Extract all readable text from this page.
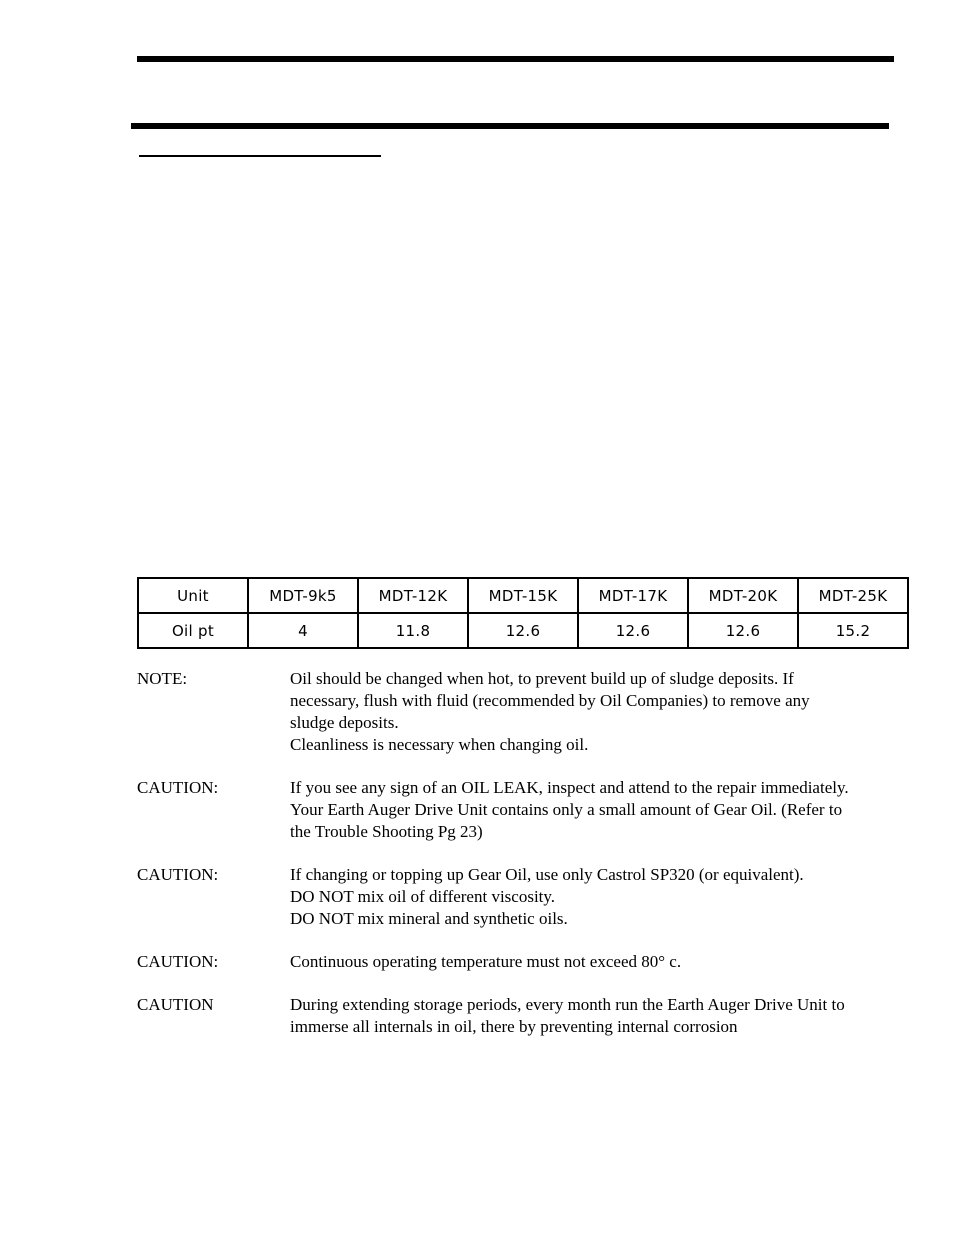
Unit	MDT-9k5	MDT-12K	MDT-15K	MDT-17K	MDT-20K	MDT-25K
Oil pt	4	11.8	12.6	12.6	12.6	15.2
NOTE:	Oil should be changed when hot, to prevent build up of sludge deposits. If
necessary, flush with fluid (recommended by Oil Companies) to remove any
sludge deposits.
Cleanliness is necessary when changing oil.
CAUTION:	If you see any sign of an OIL LEAK, inspect and attend to the repair immediately.
Your Earth Auger Drive Unit contains only a small amount of Gear Oil. (Refer to
the Trouble Shooting Pg 23)
CAUTION:	If changing or topping up Gear Oil, use only Castrol SP320 (or equivalent).
DO NOT mix oil of different viscosity.
DO NOT mix mineral and synthetic oils.
CAUTION:	Continuous operating temperature must not exceed 80° c.
CAUTION	During extending storage periods, every month run the Earth Auger Drive Unit to
immerse all internals in oil, there by preventing internal corrosion
